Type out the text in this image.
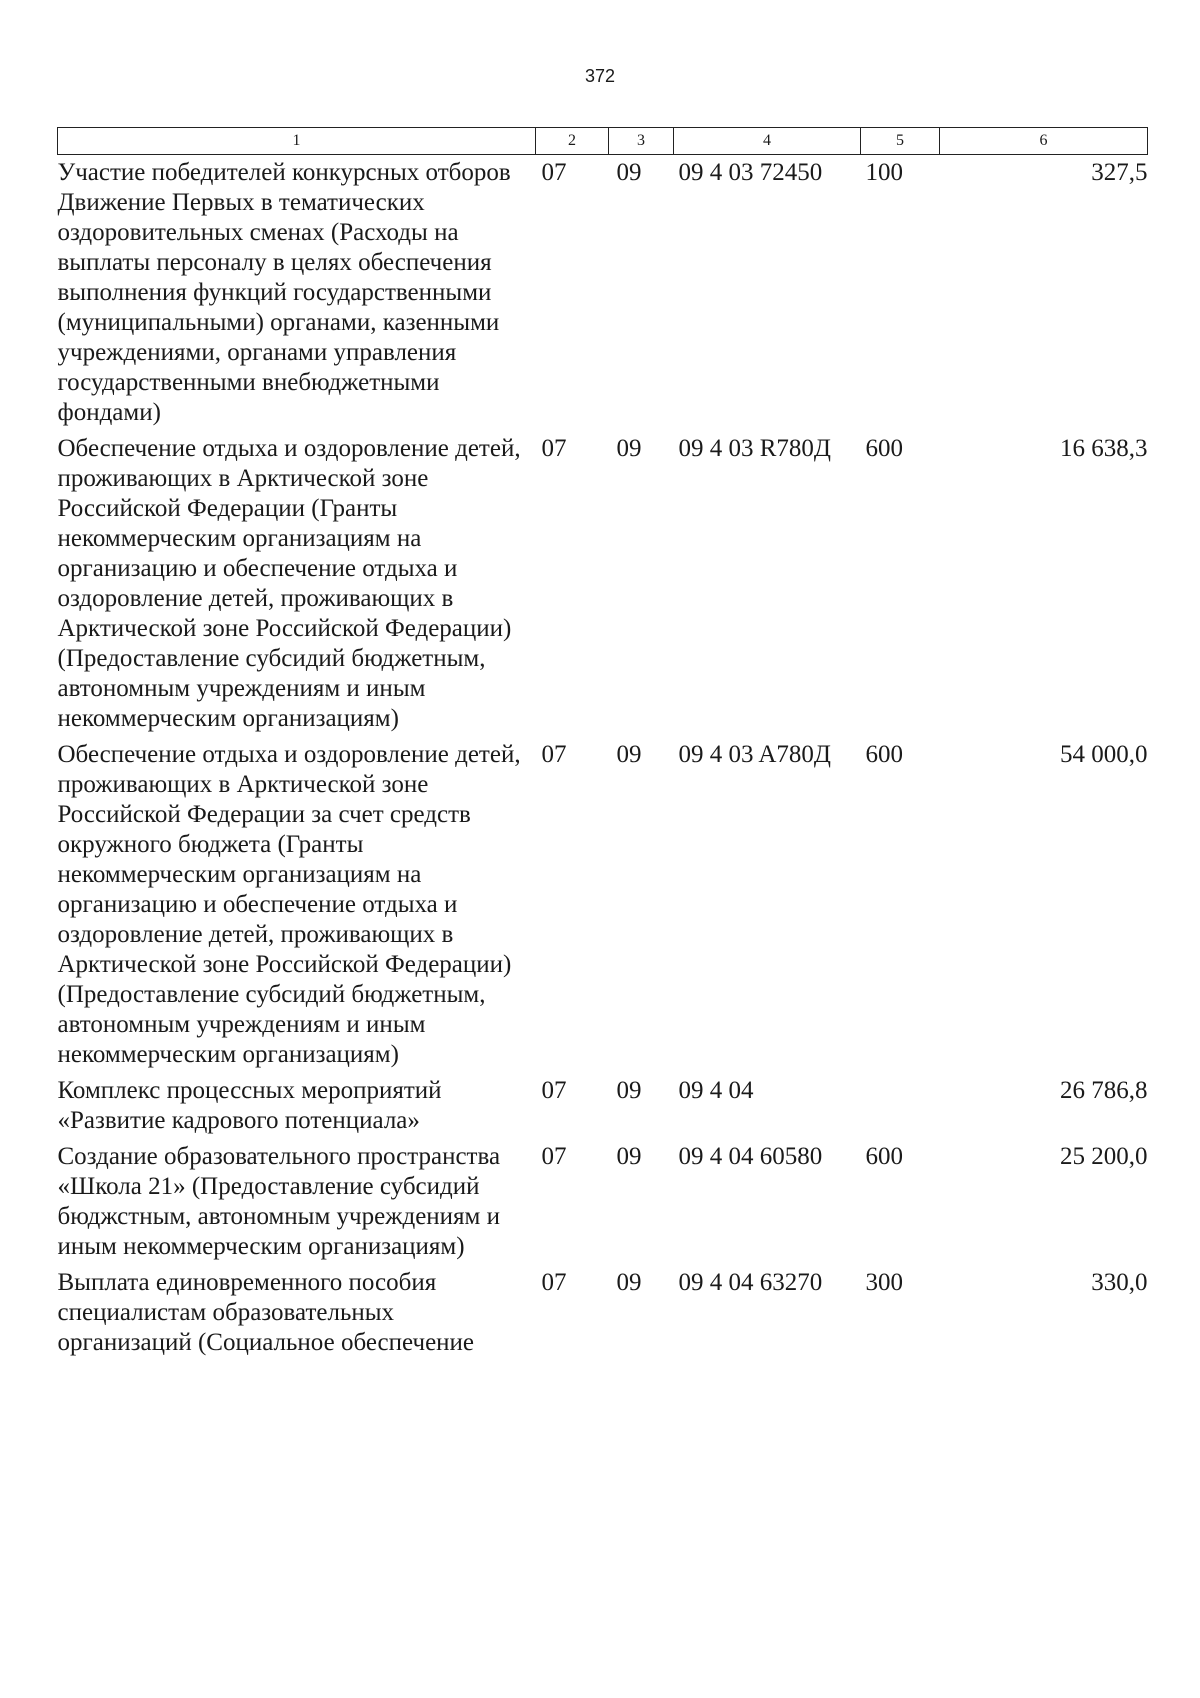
372
1	2	3	4	5	6
Участие победителей конкурсных отборов Движение Первых в тематических оздоровительных сменах (Расходы на выплаты персоналу в целях обеспечения выполнения функций государственными (муниципальными) органами, казенными учреждениями, органами управления государственными внебюджетными фондами)	07	09	09 4 03 72450	100	327,5
Обеспечение отдыха и оздоровление детей, проживающих в Арктической зоне Российской Федерации (Гранты некоммерческим организациям на организацию и обеспечение отдыха и оздоровление детей, проживающих в Арктической зоне Российской Федерации) (Предоставление субсидий бюджетным, автономным учреждениям и иным некоммерческим организациям)	07	09	09 4 03 R780Д	600	16 638,3
Обеспечение отдыха и оздоровление детей, проживающих в Арктической зоне Российской Федерации за счет средств окружного бюджета (Гранты некоммерческим организациям на организацию и обеспечение отдыха и оздоровление детей, проживающих в Арктической зоне Российской Федерации) (Предоставление субсидий бюджетным, автономным учреждениям и иным некоммерческим организациям)	07	09	09 4 03 A780Д	600	54 000,0
Комплекс процессных мероприятий «Развитие кадрового потенциала»	07	09	09 4 04		26 786,8
Создание образовательного пространства «Школа 21» (Предоставление субсидий бюджстным, автономным учреждениям и иным некоммерческим организациям)	07	09	09 4 04 60580	600	25 200,0
Выплата единовременного пособия специалистам образовательных организаций (Социальное обеспечение	07	09	09 4 04 63270	300	330,0
